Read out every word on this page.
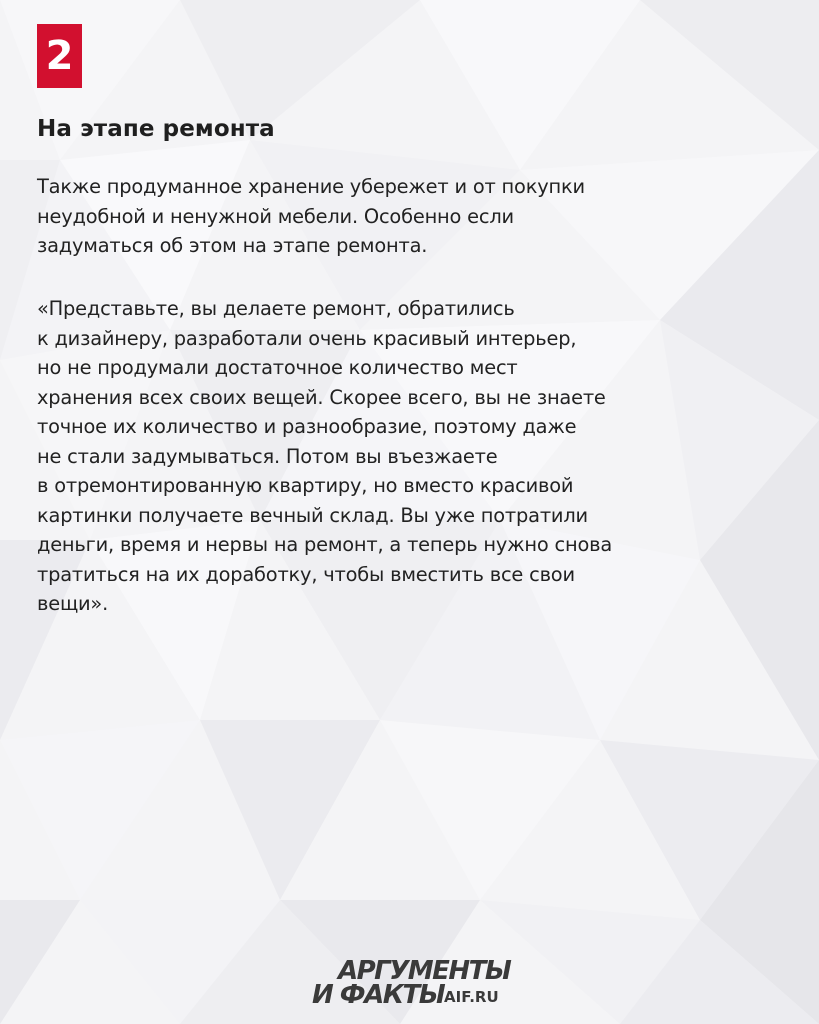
2
На этапе ремонта

Также продуманное хранение убережет и от покупки
неудобной и ненужной мебели. Особенно если
задуматься об этом на этапе ремонта.

«Представьте, вы делаете ремонт, обратились
к дизайнеру, разработали очень красивый интерьер,
но не продумали достаточное количество мест
хранения всех своих вещей. Скорее всего, вы не знаете
точное их количество и разнообразие, поэтому даже
не стали задумываться. Потом вы въезжаете
в отремонтированную квартиру, но вместо красивой
картинки получаете вечный склад. Вы уже потратили
деньги, время и нервы на ремонт, а теперь нужно снова
тратиться на их доработку, чтобы вместить все свои
вещи».

АРГУМЕНТЫ
И ФАКТЫ AIF.RU
